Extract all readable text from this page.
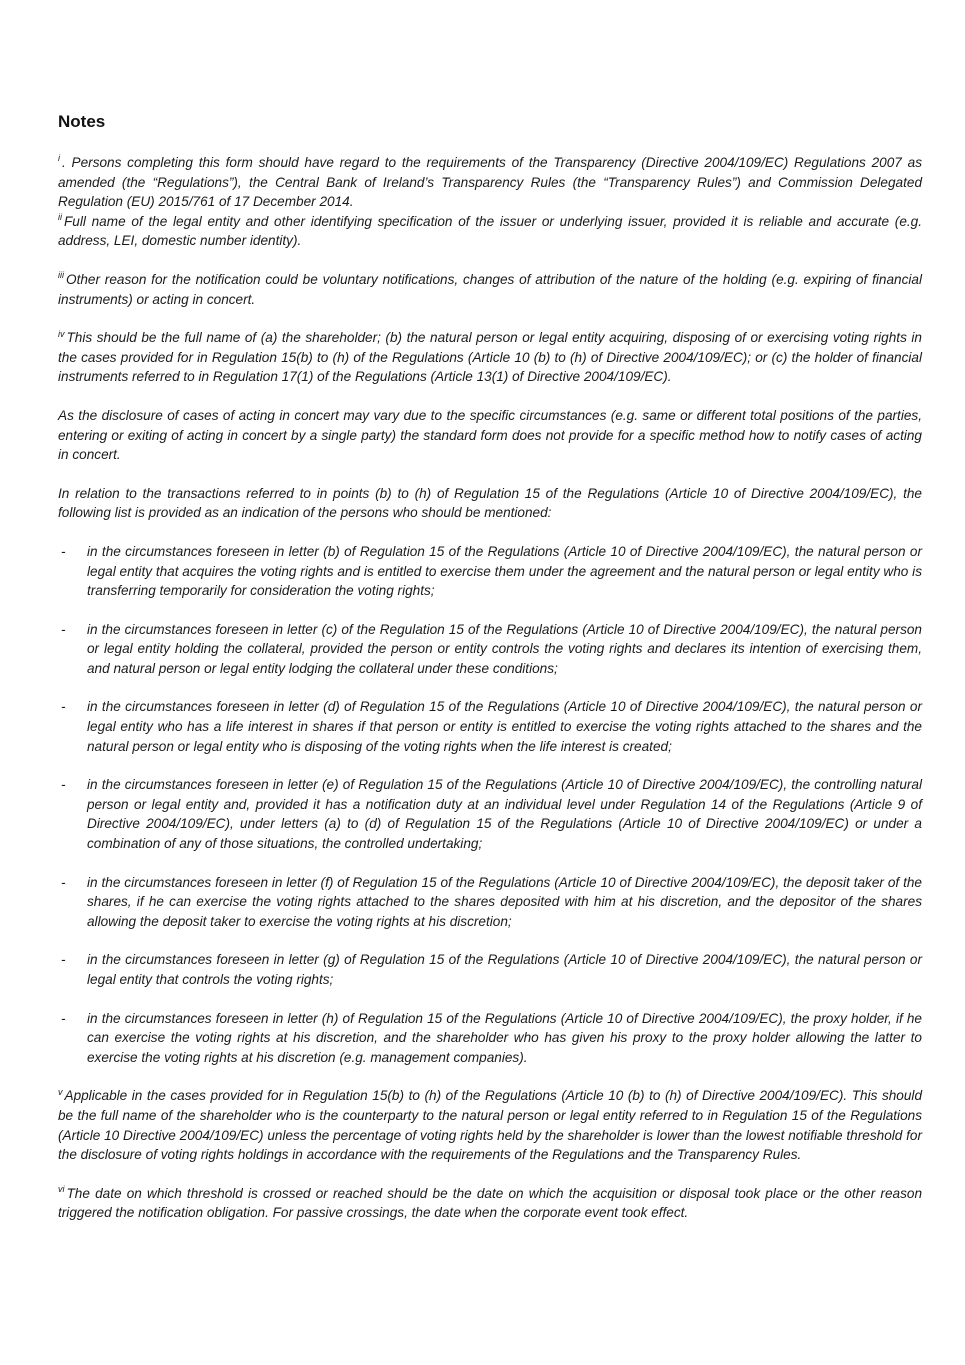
Notes

$^i$ . Persons completing this form should have regard to the requirements of the Transparency (Directive 2004/109/EC) Regulations 2007 as amended (the “Regulations”), the Central Bank of Ireland’s Transparency Rules (the “Transparency Rules”) and Commission Delegated Regulation (EU) 2015/761 of 17 December 2014.

$^{ii}$ Full name of the legal entity and other identifying specification of the issuer or underlying issuer, provided it is reliable and accurate (e.g. address, LEI, domestic number identity).

$^{iii}$ Other reason for the notification could be voluntary notifications, changes of attribution of the nature of the holding (e.g. expiring of financial instruments) or acting in concert.

$^{iv}$ This should be the full name of (a) the shareholder; (b) the natural person or legal entity acquiring, disposing of or exercising voting rights in the cases provided for in Regulation 15(b) to (h) of the Regulations (Article 10 (b) to (h) of Directive 2004/109/EC); or (c) the holder of financial instruments referred to in Regulation 17(1) of the Regulations (Article 13(1) of Directive 2004/109/EC).

As the disclosure of cases of acting in concert may vary due to the specific circumstances (e.g. same or different total positions of the parties, entering or exiting of acting in concert by a single party) the standard form does not provide for a specific method how to notify cases of acting in concert.

In relation to the transactions referred to in points (b) to (h) of Regulation 15 of the Regulations (Article 10 of Directive 2004/109/EC), the following list is provided as an indication of the persons who should be mentioned:

- in the circumstances foreseen in letter (b) of Regulation 15 of the Regulations (Article 10 of Directive 2004/109/EC), the natural person or legal entity that acquires the voting rights and is entitled to exercise them under the agreement and the natural person or legal entity who is transferring temporarily for consideration the voting rights;
- in the circumstances foreseen in letter (c) of the Regulation 15 of the Regulations (Article 10 of Directive 2004/109/EC), the natural person or legal entity holding the collateral, provided the person or entity controls the voting rights and declares its intention of exercising them, and natural person or legal entity lodging the collateral under these conditions;
- in the circumstances foreseen in letter (d) of Regulation 15 of the Regulations (Article 10 of Directive 2004/109/EC), the natural person or legal entity who has a life interest in shares if that person or entity is entitled to exercise the voting rights attached to the shares and the natural person or legal entity who is disposing of the voting rights when the life interest is created;
- in the circumstances foreseen in letter (e) of Regulation 15 of the Regulations (Article 10 of Directive 2004/109/EC), the controlling natural person or legal entity and, provided it has a notification duty at an individual level under Regulation 14 of the Regulations (Article 9 of Directive 2004/109/EC), under letters (a) to (d) of Regulation 15 of the Regulations (Article 10 of Directive 2004/109/EC) or under a combination of any of those situations, the controlled undertaking;
- in the circumstances foreseen in letter (f) of Regulation 15 of the Regulations (Article 10 of Directive 2004/109/EC), the deposit taker of the shares, if he can exercise the voting rights attached to the shares deposited with him at his discretion, and the depositor of the shares allowing the deposit taker to exercise the voting rights at his discretion;
- in the circumstances foreseen in letter (g) of Regulation 15 of the Regulations (Article 10 of Directive 2004/109/EC), the natural person or legal entity that controls the voting rights;
- in the circumstances foreseen in letter (h) of Regulation 15 of the Regulations (Article 10 of Directive 2004/109/EC), the proxy holder, if he can exercise the voting rights at his discretion, and the shareholder who has given his proxy to the proxy holder allowing the latter to exercise the voting rights at his discretion (e.g. management companies).

$^v$ Applicable in the cases provided for in Regulation 15(b) to (h) of the Regulations (Article 10 (b) to (h) of Directive 2004/109/EC). This should be the full name of the shareholder who is the counterparty to the natural person or legal entity referred to in Regulation 15 of the Regulations (Article 10 Directive 2004/109/EC) unless the percentage of voting rights held by the shareholder is lower than the lowest notifiable threshold for the disclosure of voting rights holdings in accordance with the requirements of the Regulations and the Transparency Rules.

$^{vi}$ The date on which threshold is crossed or reached should be the date on which the acquisition or disposal took place or the other reason triggered the notification obligation. For passive crossings, the date when the corporate event took effect.
